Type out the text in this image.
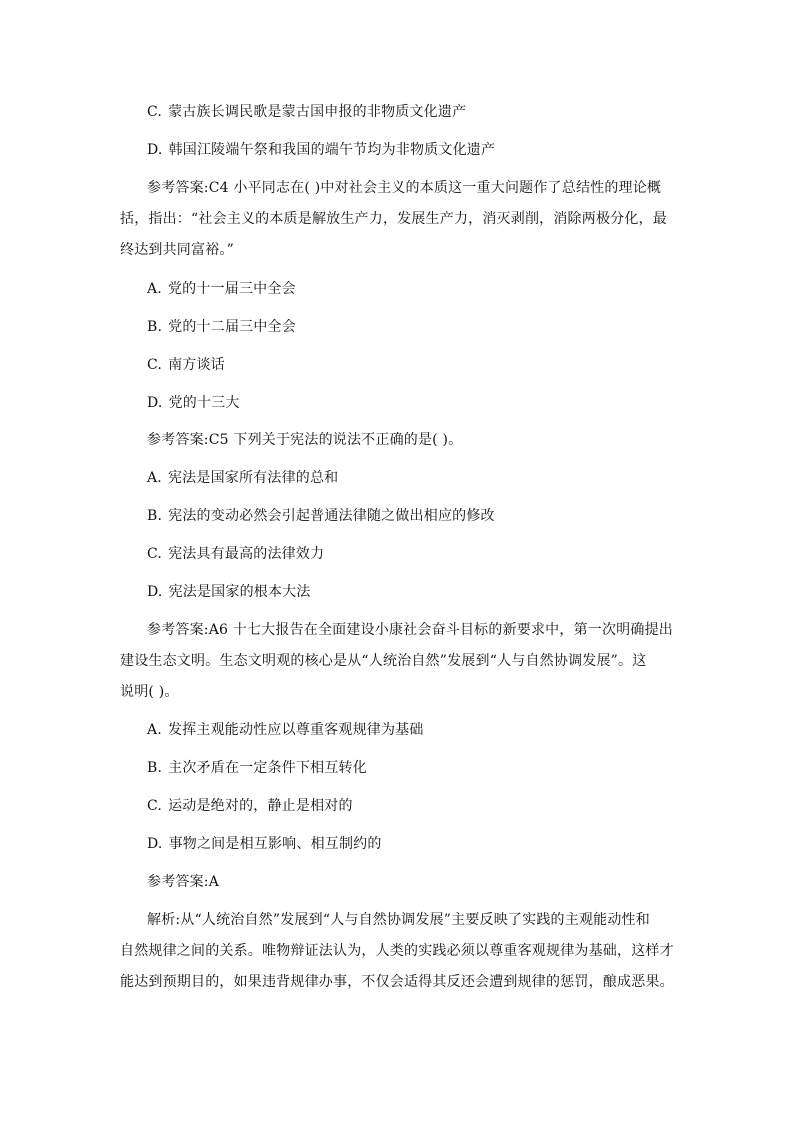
C. 蒙古族长调民歌是蒙古国申报的非物质文化遗产
D. 韩国江陵端午祭和我国的端午节均为非物质文化遗产
参考答案:C4 小平同志在( )中对社会主义的本质这一重大问题作了总结性的理论概
括，指出：“社会主义的本质是解放生产力，发展生产力，消灭剥削，消除两极分化，最
终达到共同富裕。”
A. 党的十一届三中全会
B. 党的十二届三中全会
C. 南方谈话
D. 党的十三大
参考答案:C5 下列关于宪法的说法不正确的是( )。
A. 宪法是国家所有法律的总和
B. 宪法的变动必然会引起普通法律随之做出相应的修改
C. 宪法具有最高的法律效力
D. 宪法是国家的根本大法
参考答案:A6 十七大报告在全面建设小康社会奋斗目标的新要求中，第一次明确提出
建设生态文明。生态文明观的核心是从“人统治自然”发展到“人与自然协调发展”。这
说明( )。
A. 发挥主观能动性应以尊重客观规律为基础
B. 主次矛盾在一定条件下相互转化
C. 运动是绝对的，静止是相对的
D. 事物之间是相互影响、相互制约的
参考答案:A
解析:从“人统治自然”发展到“人与自然协调发展”主要反映了实践的主观能动性和
自然规律之间的关系。唯物辩证法认为，人类的实践必须以尊重客观规律为基础，这样才
能达到预期目的，如果违背规律办事，不仅会适得其反还会遭到规律的惩罚，酿成恶果。
